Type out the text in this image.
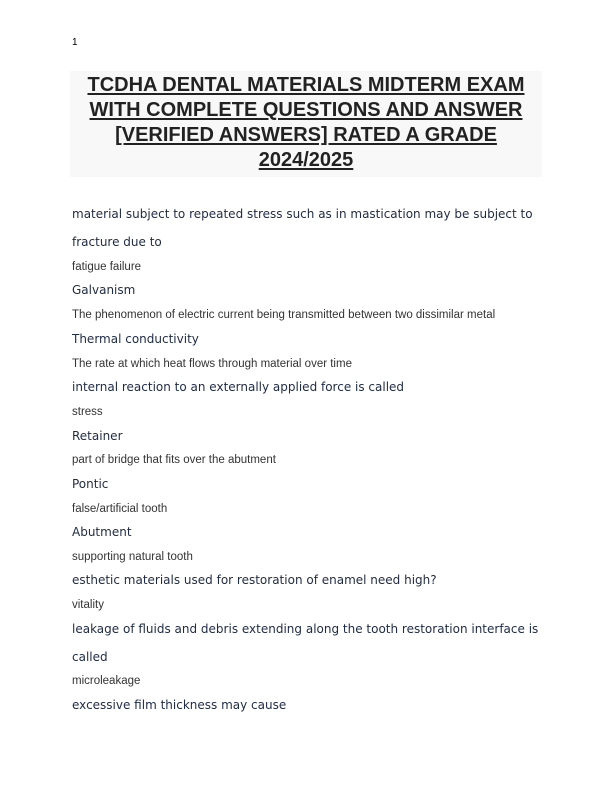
1
TCDHA DENTAL MATERIALS MIDTERM EXAM WITH COMPLETE QUESTIONS AND ANSWER [VERIFIED ANSWERS] RATED A GRADE 2024/2025
material subject to repeated stress such as in mastication may be subject to fracture due to
fatigue failure
Galvanism
The phenomenon of electric current being transmitted between two dissimilar metal
Thermal conductivity
The rate at which heat flows through material over time
internal reaction to an externally applied force is called
stress
Retainer
part of bridge that fits over the abutment
Pontic
false/artificial tooth
Abutment
supporting natural tooth
esthetic materials used for restoration of enamel need high?
vitality
leakage of fluids and debris extending along the tooth restoration interface is called
microleakage
excessive film thickness may cause
